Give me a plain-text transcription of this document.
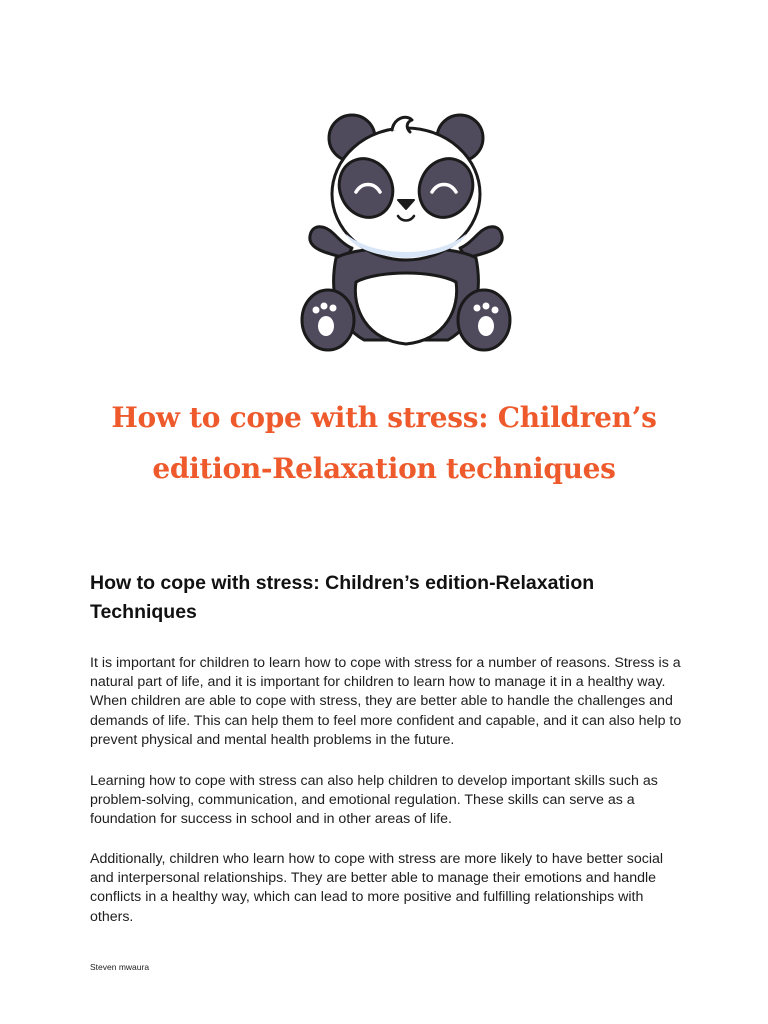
How to cope with stress: Children’s edition-Relaxation techniques
How to cope with stress: Children’s edition-Relaxation Techniques

It is important for children to learn how to cope with stress for a number of reasons. Stress is a natural part of life, and it is important for children to learn how to manage it in a healthy way. When children are able to cope with stress, they are better able to handle the challenges and demands of life. This can help them to feel more confident and capable, and it can also help to prevent physical and mental health problems in the future.

Learning how to cope with stress can also help children to develop important skills such as problem-solving, communication, and emotional regulation. These skills can serve as a foundation for success in school and in other areas of life.

Additionally, children who learn how to cope with stress are more likely to have better social and interpersonal relationships. They are better able to manage their emotions and handle conflicts in a healthy way, which can lead to more positive and fulfilling relationships with others.

Steven mwaura
